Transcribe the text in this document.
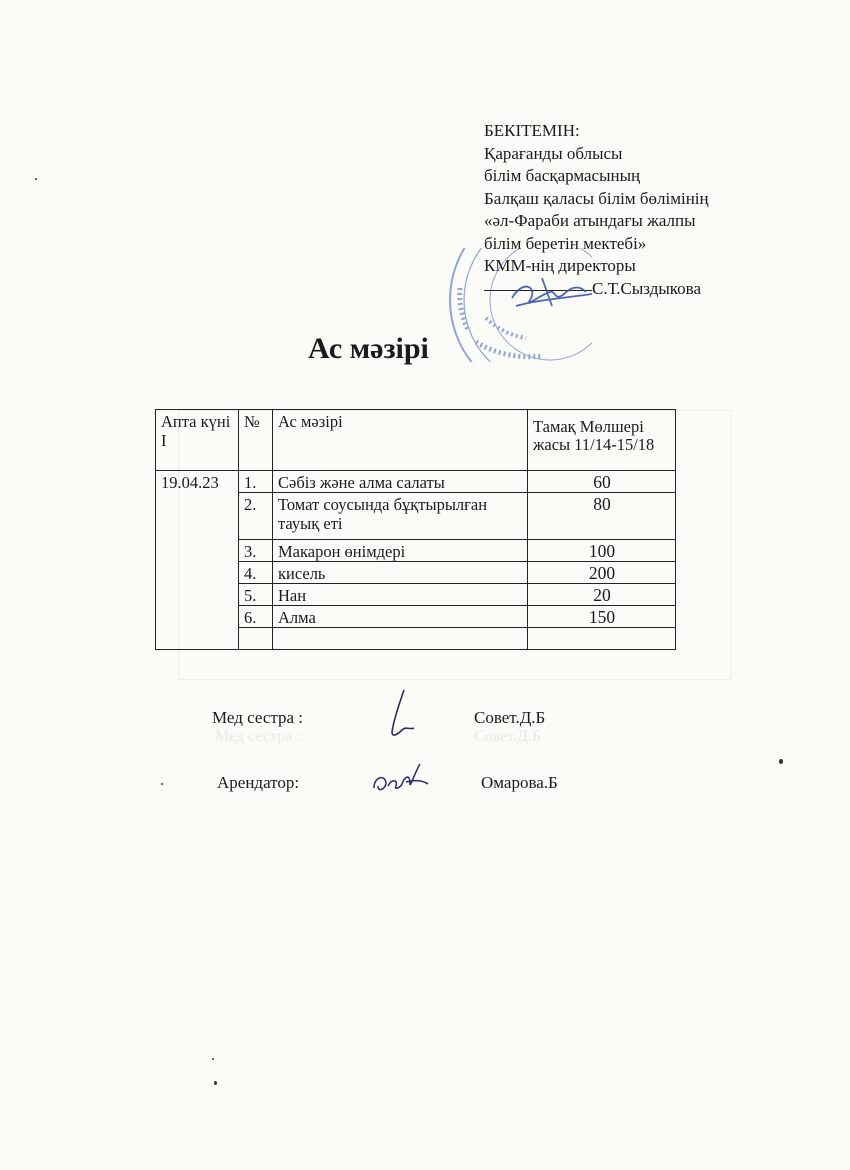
Мед сестра :	Совет.Д.Б
БЕКІТЕМІН:
Қарағанды облысы
білім басқармасының
Балқаш қаласы білім бөлімінің
«әл-Фараби атындағы жалпы
білім беретін мектебі»
КММ-нің директоры
С.Т.Сыздыкова
Ас мәзірі
Апта күні І	№	Ас мәзірі	Тамақ Мөлшері жасы 11/14-15/18
19.04.23	1.	Сәбіз және алма салаты	60
	2.	Томат соусында бұқтырылған тауық еті	80
	3.	Макарон өнімдері	100
	4.	кисель	200
	5.	Нан	20
	6.	Алма	150

Мед сестра :	Совет.Д.Б
Арендатор:	Омарова.Б
